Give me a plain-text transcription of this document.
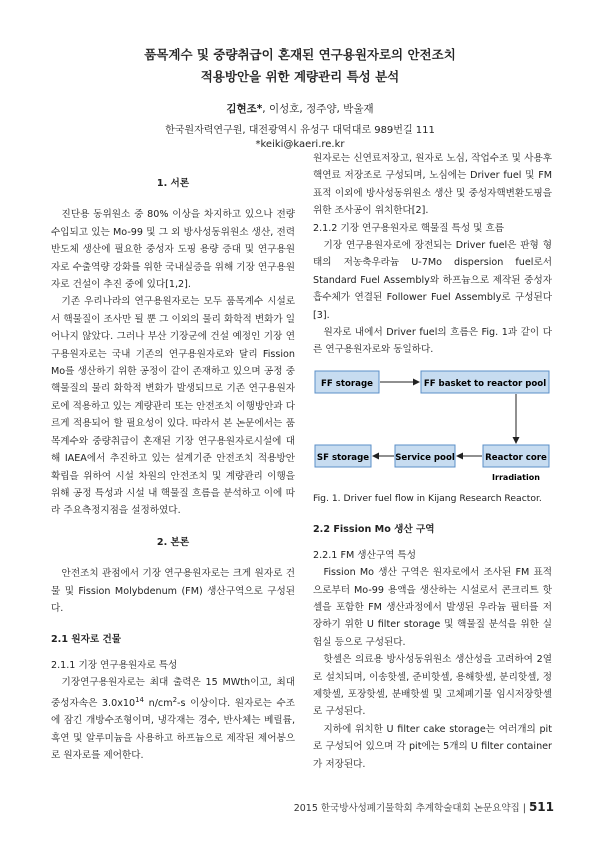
품목계수 및 중량취급이 혼재된 연구용원자로의 안전조치
적용방안을 위한 계량관리 특성 분석
김현조*, 이성호, 정주양, 박울재
한국원자력연구원, 대전광역시 유성구 대덕대로 989번길 111
*keiki@kaeri.re.kr

1. 서론

진단용 동위원소 중 80% 이상을 차지하고 있으나 전량 수입되고 있는 Mo-99 및 그 외 방사성동위원소 생산, 전력반도체 생산에 필요한 중성자 도핑 용량 증대 및 연구용원자로 수출역량 강화를 위한 국내실증을 위해 기장 연구용원자로 건설이 추진 중에 있다[1,2].

기존 우리나라의 연구용원자로는 모두 품목계수 시설로서 핵물질이 조사만 될 뿐 그 이외의 물리 화학적 변화가 일어나지 않았다. 그러나 부산 기장군에 건설 예정인 기장 연구용원자로는 국내 기존의 연구용원자로와 달리 Fission Mo를 생산하기 위한 공정이 같이 존재하고 있으며 공정 중 핵물질의 물리 화학적 변화가 발생되므로 기존 연구용원자로에 적용하고 있는 계량관리 또는 안전조치 이행방안과 다르게 적용되어 할 필요성이 있다. 따라서 본 논문에서는 품목계수와 중량취급이 혼재된 기장 연구용원자로시설에 대해 IAEA에서 추진하고 있는 설계기준 안전조치 적용방안 확립을 위하여 시설 차원의 안전조치 및 계량관리 이행을 위해 공정 특성과 시설 내 핵물질 흐름을 분석하고 이에 따라 주요측정지점을 설정하였다.

2. 본론

안전조치 관점에서 기장 연구용원자로는 크게 원자로 건물 및 Fission Molybdenum (FM) 생산구역으로 구성된다.

2.1 원자로 건물

2.1.1 기장 연구용원자로 특성

기장연구용원자로는 최대 출력은 15 MWth이고, 최대 중성자속은 $3.0x10^{14}$ $n/cm^2-s$ 이상이다. 원자로는 수조에 잠긴 개방수조형이며, 냉각재는 경수, 반사체는 베릴륨, 흑연 및 알루미늄을 사용하고 하프늄으로 제작된 제어봉으로 원자로를 제어한다.

원자로는 신연료저장고, 원자로 노심, 작업수조 및 사용후핵연료 저장조로 구성되며, 노심에는 Driver fuel 및 FM 표적 이외에 방사성동위원소 생산 및 중성자핵변환도핑을 위한 조사공이 위치한다[2].

2.1.2 기장 연구용원자로 핵물질 특성 및 흐름

기장 연구용원자로에 장전되는 Driver fuel은 판형 형태의 저농축우라늄 U-7Mo dispersion fuel로서 Standard Fuel Assembly와 하프늄으로 제작된 중성자 흡수체가 연결된 Follower Fuel Assembly로 구성된다[3].

원자로 내에서 Driver fuel의 흐름은 Fig. 1과 같이 다른 연구용원자로와 동일하다.

FF storage	FF basket to reactor pool
SF storage	Service pool	Reactor core
Irradiation

Fig. 1. Driver fuel flow in Kijang Research Reactor.

2.2 Fission Mo 생산 구역

2.2.1 FM 생산구역 특성

Fission Mo 생산 구역은 원자로에서 조사된 FM 표적으로부터 Mo-99 용액을 생산하는 시설로서 콘크리트 핫셀을 포함한 FM 생산과정에서 발생된 우라늄 필터를 저장하기 위한 U filter storage 및 핵물질 분석을 위한 실험실 등으로 구성된다.

핫셀은 의료용 방사성동위원소 생산성을 고려하여 2열로 설치되며, 이송핫셀, 준비핫셀, 용해핫셀, 분리핫셀, 정제핫셀, 포장핫셀, 분배핫셀 및 고체폐기물 임시저장핫셀로 구성된다.

지하에 위치한 U filter cake storage는 여러개의 pit로 구성되어 있으며 각 pit에는 5개의 U filter container가 저장된다.

2015 한국방사성폐기물학회 추계학술대회 논문요약집 | 511
